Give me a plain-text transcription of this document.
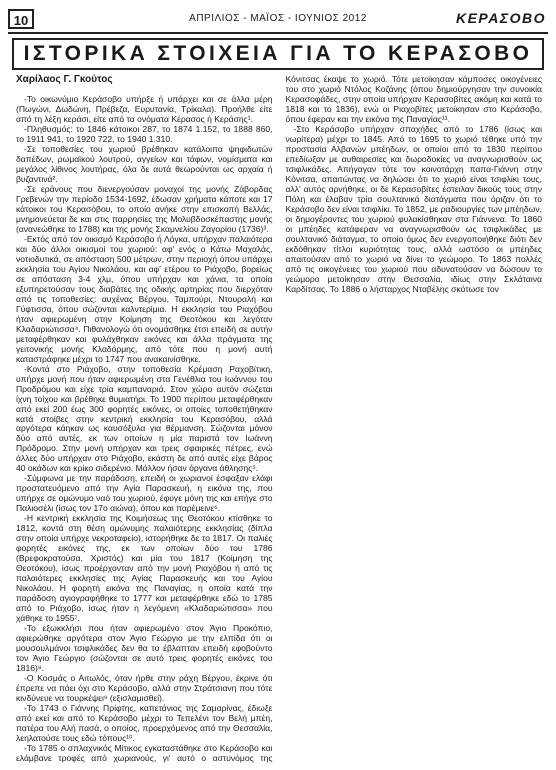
10	ΑΠΡΙΛΙΟΣ - ΜΑΪΟΣ - ΙΟΥΝΙΟΣ 2012	ΚΕΡΑΣΟΒΟ
ΙΣΤΟΡΙΚΑ ΣΤΟΙΧΕΙΑ ΓΙΑ ΤΟ ΚΕΡΑΣΟΒΟ
Χαρίλαος Γ. Γκούτος

-Το οικωνύμιο Κεράσοβο υπήρξε ή υπάρχει και σε άλλα μέρη (Πωγώνι, Δωδώνη, Πρέβεζα, Ευρυτανία, Τρίκαλα). Προήλθε είτε από τη λέξη κεράσι, είτε από τα ονόματα Κέρασος ή Κεράσης¹.

-Πληθυσμός: το 1846 κάτοικοι 287, το 1874 1.152, το 1888 860, το 1911 941, το 1920 722, το 1940 1.310.

-Σε τοποθεσίες του χωριού βρέθηκαν κατάλοιπα ψηφιδωτών δαπέδων, ρωμαϊκού λουτρού, αγγείων και τάφων, νομίσματα και μεγάλος λίθινος λουτήρας, όλα δε αυτά θεωρούνται ως αρχαία ή βυζαντινά².

-Σε εράνους που διενεργούσαν μοναχοί της μονής Ζάβορδας Γρεβενών την περίοδο 1534-1692, έδωσαν χρήματα κάποτε και 17 κάτοικοι του Κερασόβου, το οποίο ανήκε στην επισκοπή Βελλάς, μνημονεύεται δε και στις παρρησίες της Μολυβδοσκέπαστης μονής (ανανεώθηκε το 1788) και της μονής Σκαμνελίου Ζαγορίου (1736)³.

-Εκτός από τον οικισμό Κεράσοβο ή Λόγκα, υπήρχαν παλαιότερα και δύο άλλοι οικισμοί του χωριού: αφ' ενός ο Κάτω Μαχαλάς, νοτιοδυτικά, σε απόσταση 500 μέτρων, στην περιοχή όπου υπάρχει εκκλησία του Αγίου Νικολάου, και αφ' ετέρου το Ριάχοβο, βορείως σε απόσταση 3-4 χλμ, όπου υπήρχαν και χάνια, τα οποία εξυπηρετούσαν τους διαβάτες της οδικής αρτηρίας που διερχόταν από τις τοποθεσίες: αυχένας Βέργου, Ταμπούρι, Ντουραλή και Γύφτισσα, όπου σώζονται καλντερίμια. Η εκκλησία του Ριαχόβου ήταν αφιερωμένη στην Κοίμηση της Θεοτόκου και λεγόταν Κλαδαριώτισσα⁴. Πιθανολογώ ότι ονομάσθηκε έτσι επειδή σε αυτήν μεταφέρθηκαν και φυλάχθηκαν εικόνες και άλλα πράγματα της γειτονικής μονής Κλαδόρμης, από τότε που η μονή αυτή καταστράφηκε μέχρι το 1747 που ανακαινίσθηκε.

-Κοντά στο Ριάχοβο, στην τοποθεσία Κρέμαση Ραχοβίτικη, υπήρχε μονή που ήταν αφιερωμένη στα Γενέθλια του Ιωάννου του Προδρόμου και είχε τρία καμπαναριά. Στον χώρο αυτόν σώζεται ίχνη τοίχου και βρέθηκε θυμιατήρι. Το 1900 περίπου μεταφέρθηκαν από εκεί 200 έως 300 φορητές εικόνες, οι οποίες τοποθετήθηκαν κατά στοίβες στην κεντρική εκκλησία του Κερασόβου, αλλά αργότερα κάηκαν ως καυσόξυλα για θέρμανση. Σώζονται μόνον δύο από αυτές, εκ των οποίων η μία παριστά τον Ιωάννη Πρόδρομο. Στην μονή υπήρχαν και τρεις σφαιρικές πέτρες, ενώ άλλες δύο υπήρχαν στο Ριάχοβο, εκάστη δε από αυτές είχε βάρος 40 οκάδων και κρίκο σιδερένιο. Μάλλον ήσαν όργανα άθλησης⁵.

-Σύμφωνα με την παράδοση, επειδή οι χωριανοί έσφαξαν ελάφι προστατευόμενο από την Αγία Παρασκευή, η εικόνα της, που υπήρχε σε ομώνυμο ναό του χωριού, έφυγε μόνη της και επήγε στο Παλιοσέλι (ίσως τον 17ο αιώνα), όπου και παρέμεινε⁶.

-Η κεντρική εκκλησία της Κοιμήσεως της Θεοτόκου κτίσθηκε το 1812, κοντά στη θέση ομώνυμης παλαιότερης εκκλησίας (δίπλα στην οποία υπήρχε νεκροταφείο), ιστορήθηκε δε το 1817. Οι παλιές φορητές εικόνες της, εκ των οποίων δύο του 1786 (Βρεφοκρατούσα, Χριστός) και μία του 1817 (Κοίμηση της Θεοτόκου), ίσως προέρχονταν από την μονή Ριαχόβου ή από τις παλαιότερες εκκλησίες της Αγίας Παρασκευής και του Αγίου Νικολάου. Η φορητή εικόνα της Παναγίας, η οποία κατά την παράδοση αγιογραφήθηκε το 1777 και μεταφέρθηκε εδώ το 1785 από το Ριάχοβο, ίσως ήταν η λεγόμενη «Κλαδαριώτισσα» που χάθηκε το 1955⁷.

-Το εξωκκλήσι που ήταν αφιερωμένο στον Άγιο Προκόπιο, αφιερώθηκε αργότερα στον Άγιο Γεώργιο με την ελπίδα ότι οι μουσουλμάνοι τσιφλικάδες δεν θα το έβλαπταν επειδή εφοβούντο τον Άγιο Γεώργιο (σώζονται σε αυτό τρεις φορητές εικόνες του 1816)⁸.

-Ο Κοσμάς ο Αιτωλός, όταν ήρθε στην ράχη Βέργου, έκρινε ότι έπρεπε να πάει όχι στο Κεράσοβο, αλλά στην Στράτσιανη που τότε κινδύνευε να τουρκέψει⁹ (εξισλαμισθεί).

-Το 1743 ο Γιάννης Πρίφτης, καπετάνιος της Σαμαρίνας, έδιωξε από εκεί και από το Κεράσοβο μέχρι το Τεπελένι τον Βελή μπέη, πατέρα του Αλή πασά, ο οποίος, προερχόμενος από την Θεσσαλία, λεηλατούσε τους εδώ τόπους¹⁰.

-Το 1785 ο σπλαχνικός Μίτικος εγκαταστάθηκε στο Κεράσοβο και ελάμβανε τροφές από χωριανούς, γι' αυτό ο αστυνόμος της Κόνιτσας έκαψε το χωριό. Τότε μετοίκησαν κάμποσες οικογένειες του στο χωριό Ντόλος Κοζάνης (όπου δημιούργησαν την συνοικία Κερασοφάδες, στην οποία υπήρχαν Κερασοβίτες ακόμη και κατά το 1818 και το 1836), ενώ οι Ριαχοβίτες μετοίκησαν στο Κεράσοβο, όπου έφεραν και την εικόνα της Παναγίας¹¹.

-Στο Κεράσοβο υπήρχαν σπαχήδες από το 1786 (ίσως και νωρίτερα) μέχρι το 1845. Από το 1695 το χωριό τέθηκε υπό την προστασία Αλβανών μπέηδων, οι οποίοι από το 1830 περίπου επεδίωξαν με αυθαιρεσίες και δωροδοκίες να αναγνωρισθούν ως τσιφλικάδες. Απήγαγαν τότε τον κοινοτάρχη παπα-Γιάννη στην Κόνιτσα, απαιτώντας να δηλώσει ότι το χωριό είναι τσιφλίκι τους, αλλ' αυτός αρνήθηκε, οι δε Κερασοβίτες έστειλαν δικούς τους στην Πόλη και έλαβαν τρία σουλτανικά διατάγματα που όριζαν ότι το Κεράσοβο δεν είναι τσιφλίκι. Το 1852, με ραδιουργίες των μπέηδων, οι δημογέροντες του χωριού φυλακίσθηκαν στα Γιάννενα. Το 1860 οι μπέηδες κατάφεραν να αναγνωρισθούν ως τσιφλικάδες με σουλτανικό διάταγμα, το οποίο όμως δεν ενεργοποιήθηκε διότι δεν εκδόθηκαν τίτλοι κυριότητας τους, αλλά ωστόσο οι μπέηδες απαιτούσαν από το χωριό να δίνει το γεώμορο. Το 1863 πολλές από τις οικογένειες του χωριού που αδυνατούσαν να δώσουν το γεώμορο μετοίκησαν στην Θεσσαλία, ιδίως στην Σκλάταινα Καρδίτσας. Το 1886 ο λήσταρχος Νταβέλης σκότωσε τον
